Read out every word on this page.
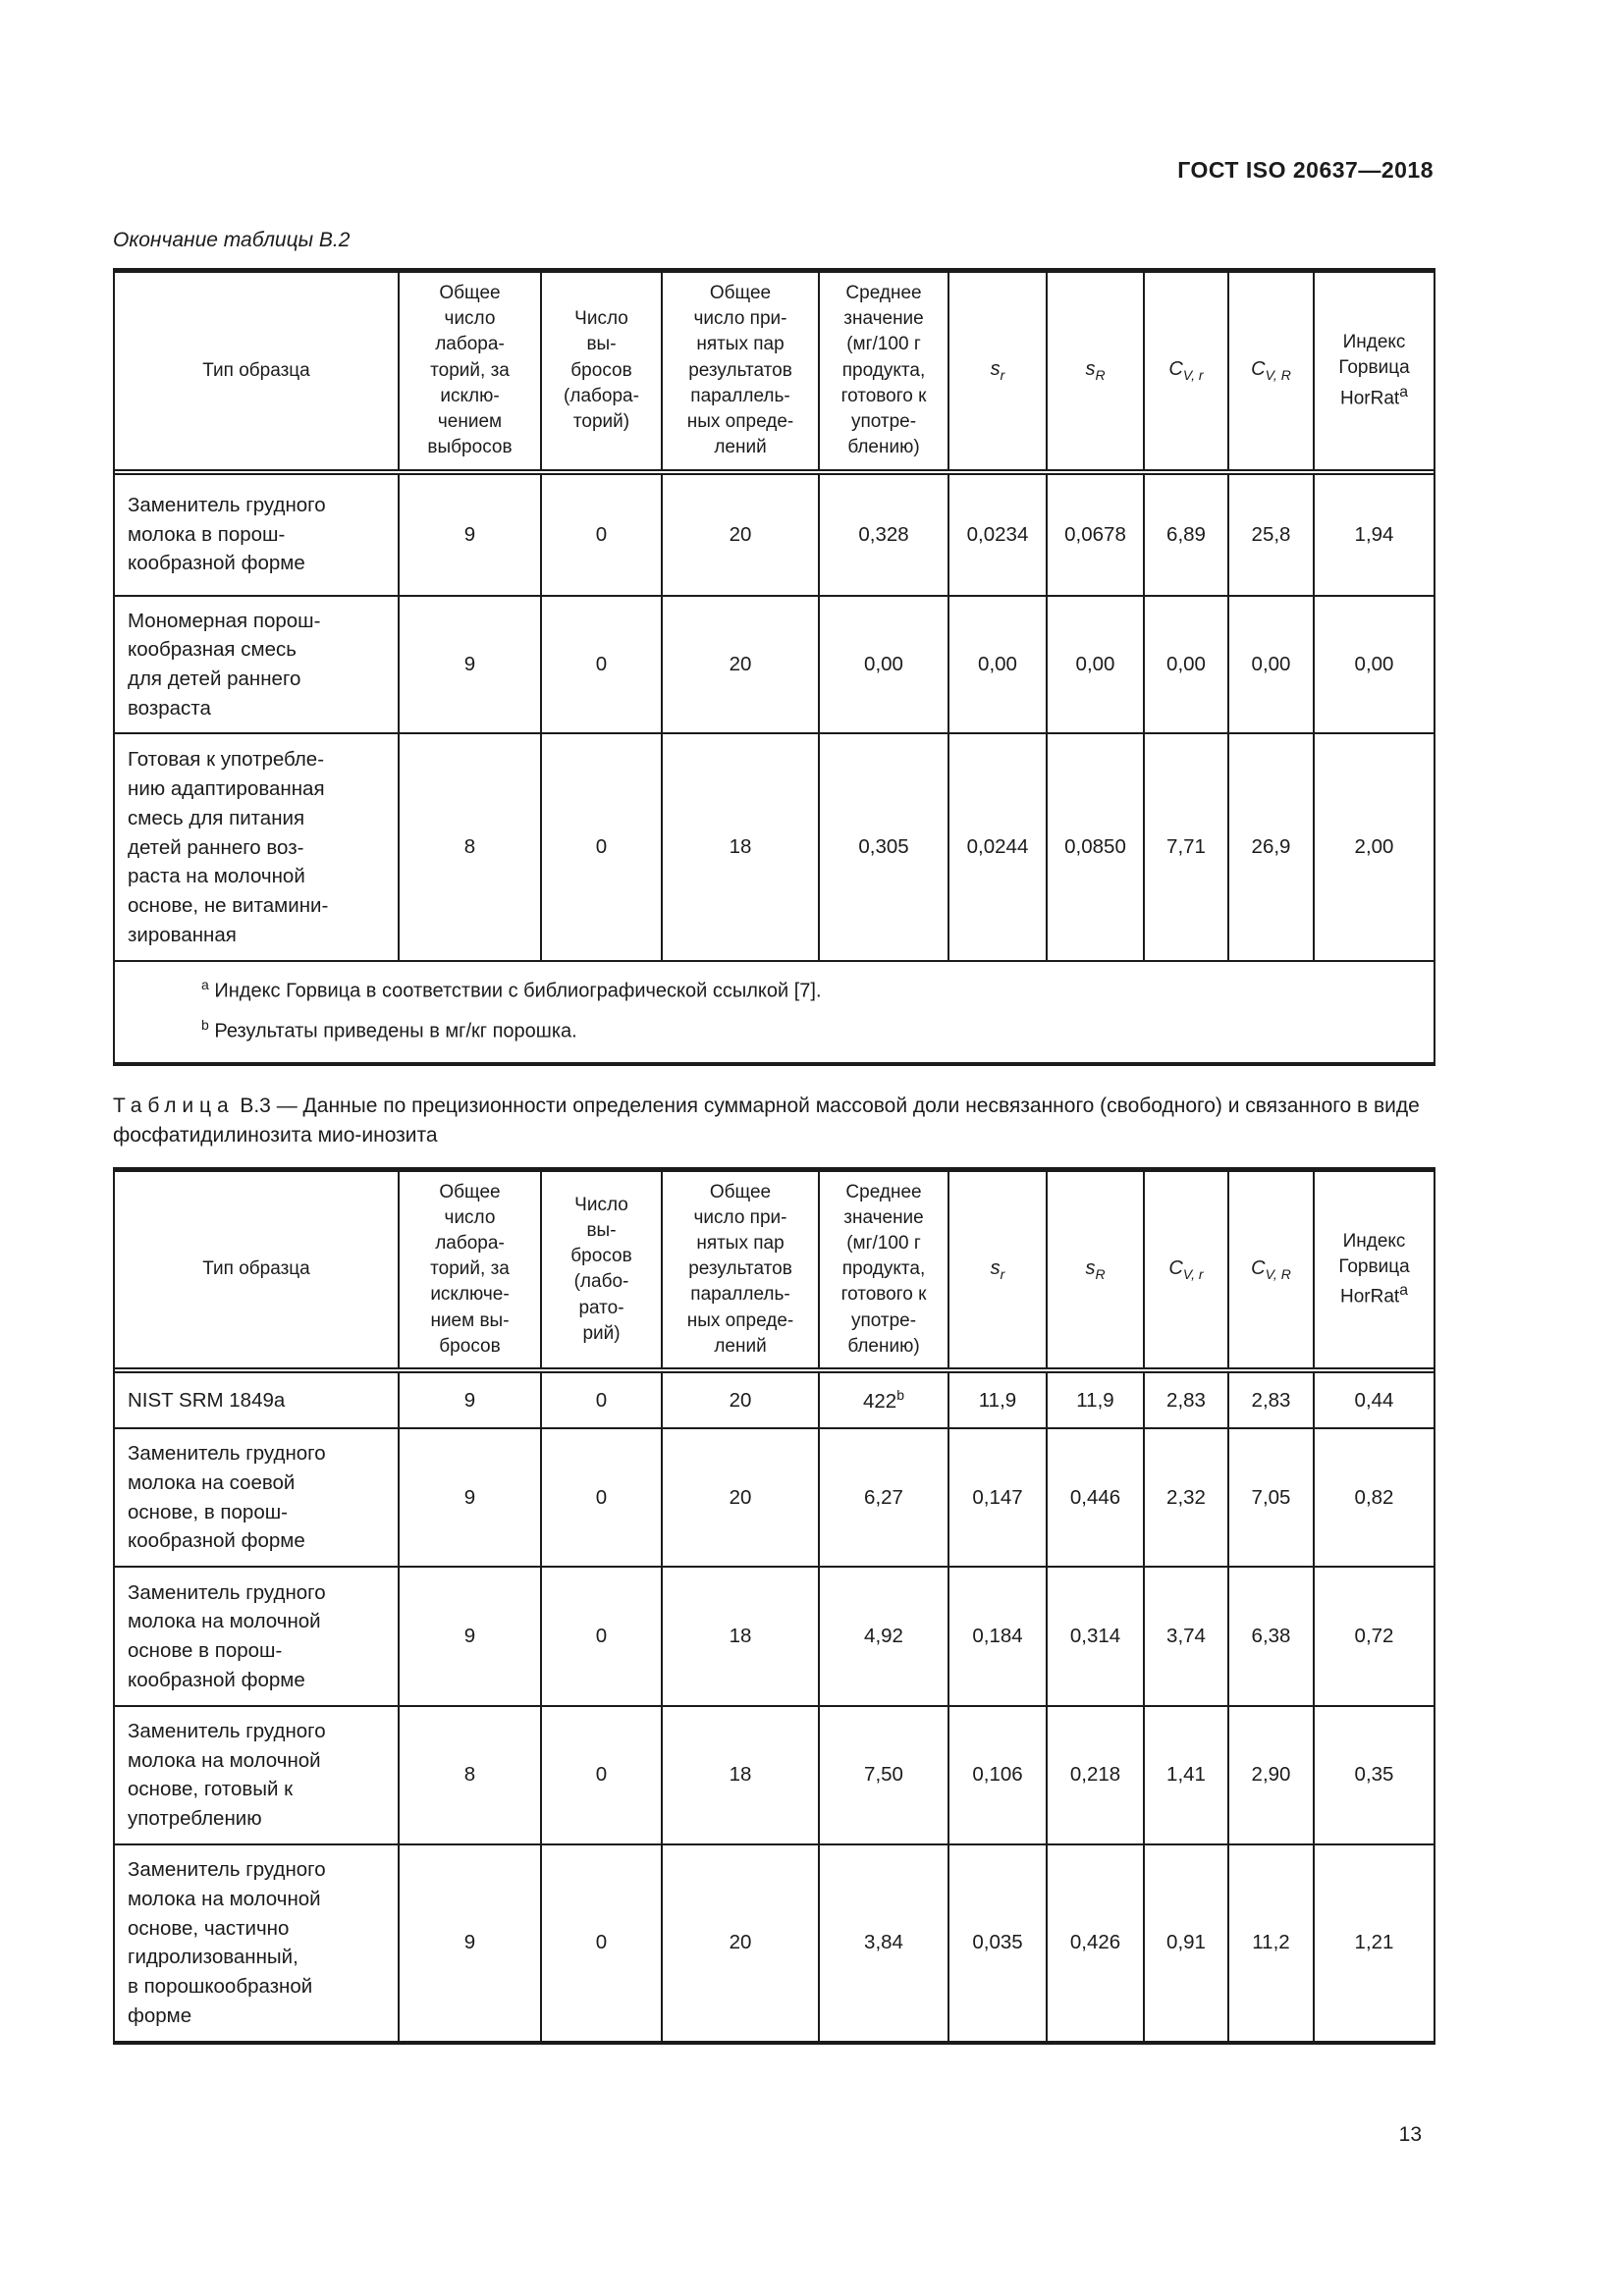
ГОСТ ISO 20637—2018
Окончание таблицы В.2
Тип образца	Общее
число
лабора-
торий, за
исклю-
чением
выбросов	Число
вы-
бросов
(лабора-
торий)	Общее
число при-
нятых пар
результатов
параллель-
ных опреде-
лений	Среднее
значение
(мг/100 г
продукта,
готового к
употре-
блению)	$s_r$	$s_R$	$C_{V, r}$	$C_{V, R}$	Индекс
Горвица
HorRat$^a$

Заменитель грудного
молока в порош-
кообразной форме	9	0	20	0,328	0,0234	0,0678	6,89	25,8	1,94
Мономерная порош-
кообразная смесь
для детей раннего
возраста	9	0	20	0,00	0,00	0,00	0,00	0,00	0,00
Готовая к употребле-
нию адаптированная
смесь для питания
детей раннего воз-
раста на молочной
основе, не витамини-
зированная	8	0	18	0,305	0,0244	0,0850	7,71	26,9	2,00

$^a$ Индекс Горвица в соответствии с библиографической ссылкой [7].
$^b$ Результаты приведены в мг/кг порошка.									

Таблица В.3 — Данные по прецизионности определения суммарной массовой доли несвязанного (свободного) и связанного в виде фосфатидилинозита мио-инозита

Тип образца	Общее
число
лабора-
торий, за
исключе-
нием вы-
бросов	Число
вы-
бросов
(лабо-
рато-
рий)	Общее
число при-
нятых пар
результатов
параллель-
ных опреде-
лений	Среднее
значение
(мг/100 г
продукта,
готового к
употре-
блению)	$s_r$	$s_R$	$C_{V, r}$	$C_{V, R}$	Индекс
Горвица
HorRat$^a$

NIST SRM 1849a	9	0	20	422$^b$	11,9	11,9	2,83	2,83	0,44
Заменитель грудного
молока на соевой
основе, в порош-
кообразной форме	9	0	20	6,27	0,147	0,446	2,32	7,05	0,82
Заменитель грудного
молока на молочной
основе в порош-
кообразной форме	9	0	18	4,92	0,184	0,314	3,74	6,38	0,72
Заменитель грудного
молока на молочной
основе, готовый к
употреблению	8	0	18	7,50	0,106	0,218	1,41	2,90	0,35
Заменитель грудного
молока на молочной
основе, частично
гидролизованный,
в порошкообразной
форме	9	0	20	3,84	0,035	0,426	0,91	11,2	1,21
13
